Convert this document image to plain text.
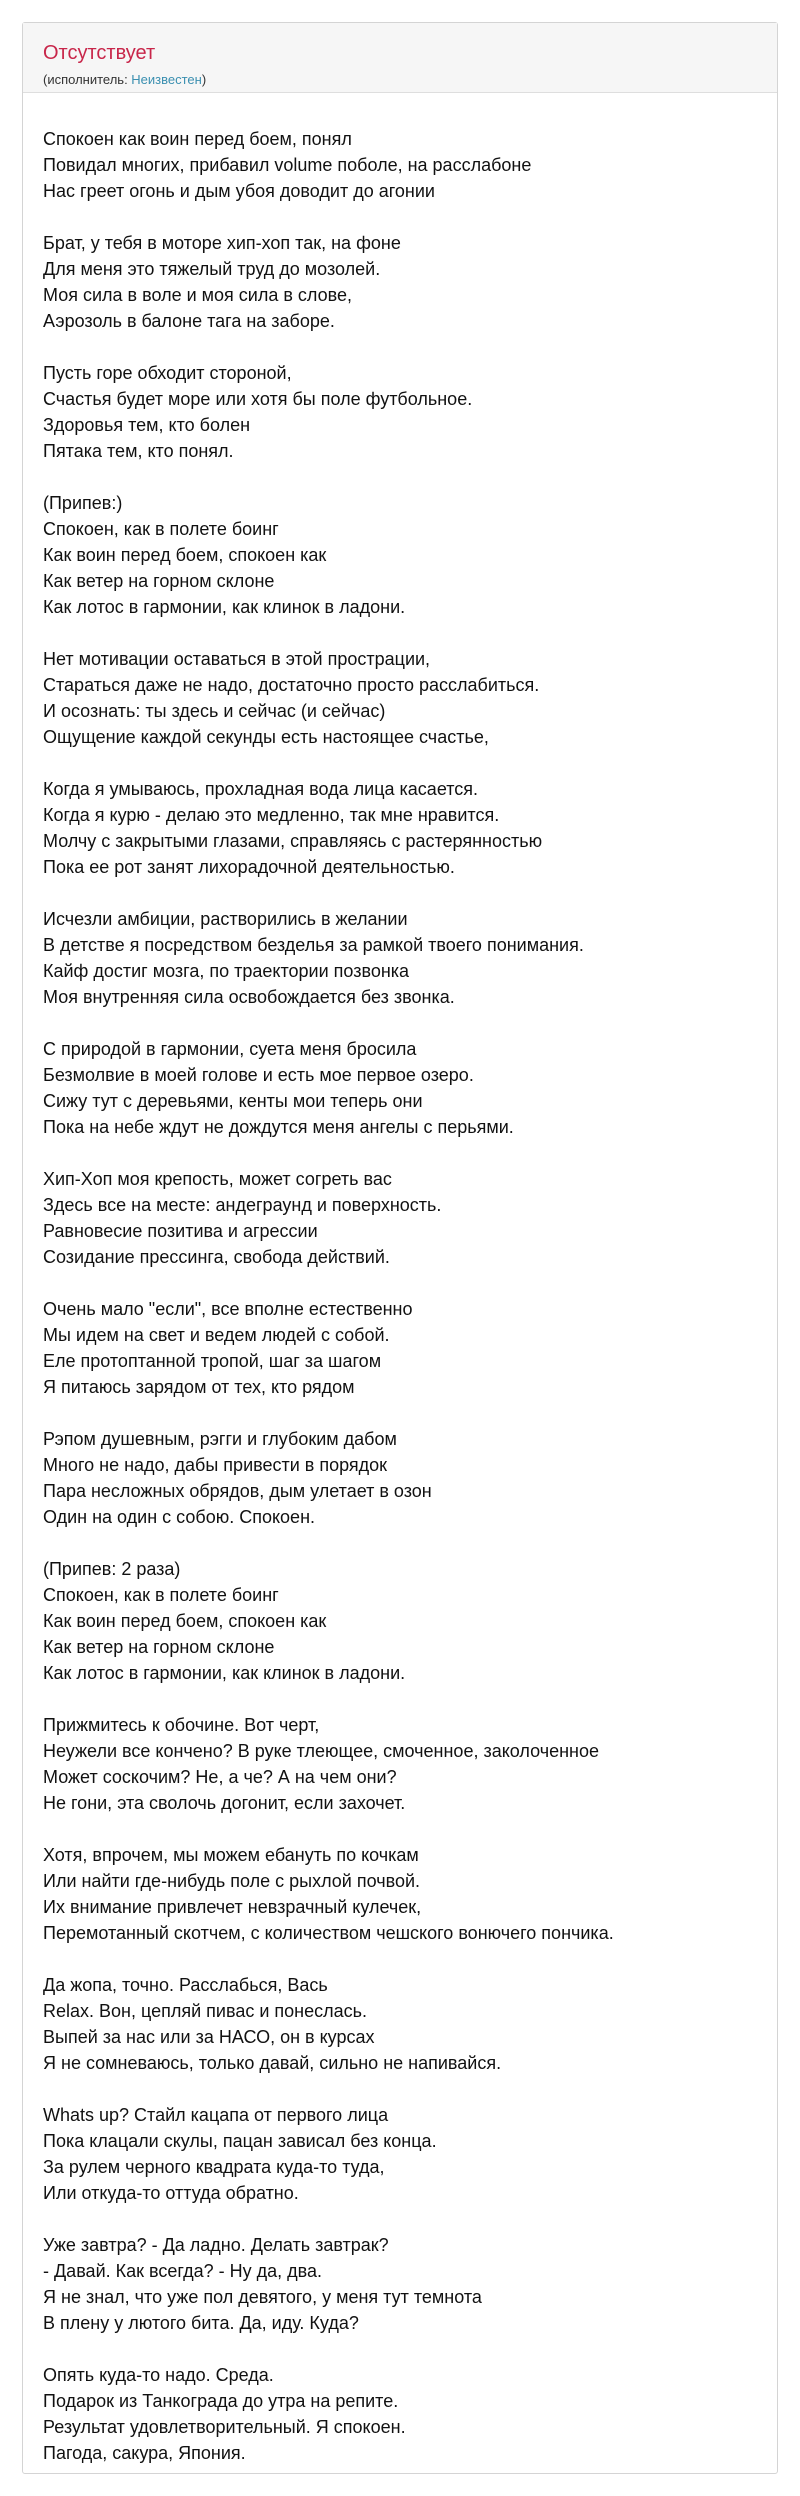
Отсутствует
(исполнитель: Неизвестен)
Спокоен как воин перед боем, понял
Повидал многих, прибавил volume поболе, на расслабоне
Нас греет огонь и дым убоя доводит до агонии
Брат, у тебя в моторе хип-хоп так, на фоне
Для меня это тяжелый труд до мозолей.
Моя сила в воле и моя сила в слове,
Аэрозоль в балоне тага на заборе.
Пусть горе обходит стороной,
Счастья будет море или хотя бы поле футбольное.
Здоровья тем, кто болен
Пятака тем, кто понял.
(Припев:)
Спокоен, как в полете боинг
Как воин перед боем, спокоен как
Как ветер на горном склоне
Как лотос в гармонии, как клинок в ладони.
Нет мотивации оставаться в этой прострации,
Стараться даже не надо, достаточно просто расслабиться.
И осознать: ты здесь и сейчас (и сейчас)
Ощущение каждой секунды есть настоящее счастье,
Когда я умываюсь, прохладная вода лица касается.
Когда я курю - делаю это медленно, так мне нравится.
Молчу с закрытыми глазами, справляясь с растерянностью
Пока ее рот занят лихорадочной деятельностью.
Исчезли амбиции, растворились в желании
В детстве я посредством безделья за рамкой твоего понимания.
Кайф достиг мозга, по траектории позвонка
Моя внутренняя сила освобождается без звонка.
С природой в гармонии, суета меня бросила
Безмолвие в моей голове и есть мое первое озеро.
Сижу тут с деревьями, кенты мои теперь они
Пока на небе ждут не дождутся меня ангелы с перьями.
Хип-Хоп моя крепость, может согреть вас
Здесь все на месте: андеграунд и поверхность.
Равновесие позитива и агрессии
Созидание прессинга, свобода действий.
Очень мало "если", все вполне естественно
Мы идем на свет и ведем людей с собой.
Еле протоптанной тропой, шаг за шагом
Я питаюсь зарядом от тех, кто рядом
Рэпом душевным, рэгги и глубоким дабом
Много не надо, дабы привести в порядок
Пара несложных обрядов, дым улетает в озон
Один на один с собою. Спокоен.
(Припев: 2 раза)
Спокоен, как в полете боинг
Как воин перед боем, спокоен как
Как ветер на горном склоне
Как лотос в гармонии, как клинок в ладони.
Прижмитесь к обочине. Вот черт,
Неужели все кончено? В руке тлеющее, смоченное, заколоченное
Может соскочим? Не, а че? А на чем они?
Не гони, эта сволочь догонит, если захочет.
Хотя, впрочем, мы можем ебануть по кочкам
Или найти где-нибудь поле с рыхлой почвой.
Их внимание привлечет невзрачный кулечек,
Перемотанный скотчем, с количеством чешского вонючего пончика.
Да жопа, точно. Расслабься, Вась
Relax. Вон, цепляй пивас и понеслась.
Выпей за нас или за НАСО, он в курсах
Я не сомневаюсь, только давай, сильно не напивайся.
Whats up? Стайл кацапа от первого лица
Пока клацали скулы, пацан зависал без конца.
За рулем черного квадрата куда-то туда,
Или откуда-то оттуда обратно.
Уже завтра? - Да ладно. Делать завтрак?
- Давай. Как всегда? - Ну да, два.
Я не знал, что уже пол девятого, у меня тут темнота
В плену у лютого бита. Да, иду. Куда?
Опять куда-то надо. Среда.
Подарок из Танкограда до утра на репите.
Результат удовлетворительный. Я спокоен.
Пагода, сакура, Япония.
